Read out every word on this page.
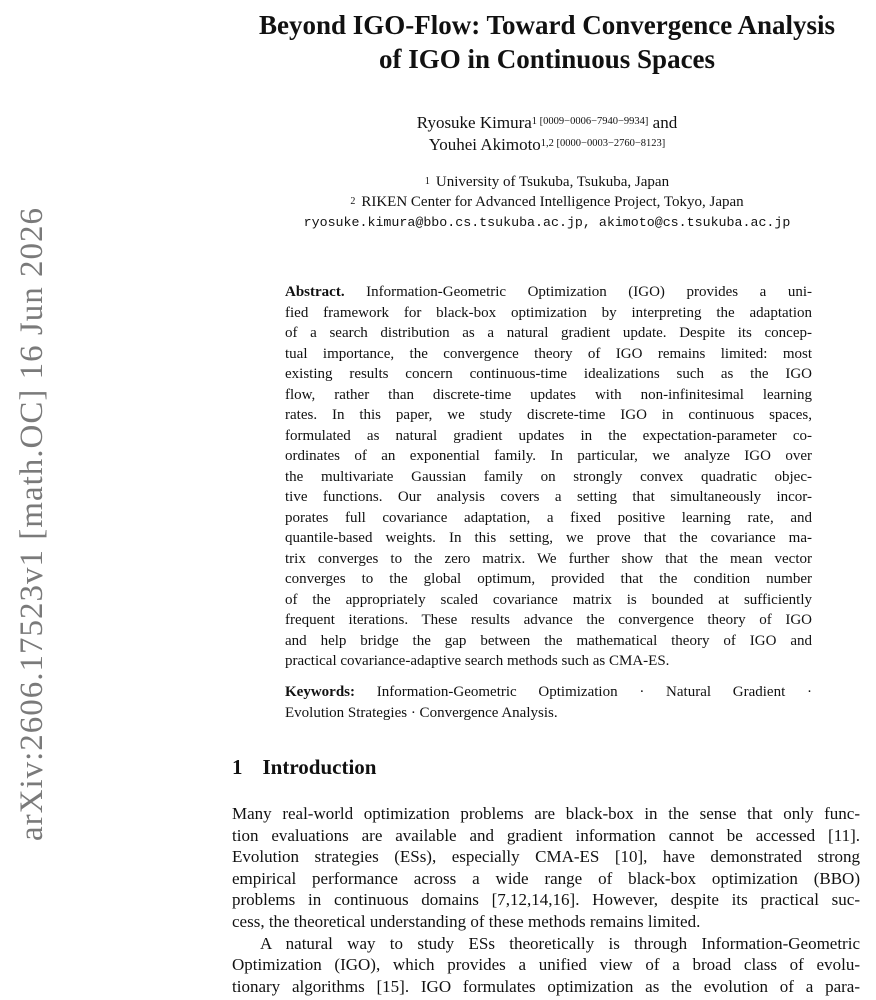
arXiv:2606.17523v1 [math.OC] 16 Jun 2026
Beyond IGO-Flow: Toward Convergence Analysis
of IGO in Continuous Spaces
Ryosuke Kimura$^{1 [0009-0006-7940-9934]}$ and
Youhei Akimoto$^{1,2 [0000-0003-2760-8123]}$
$^1$ University of Tsukuba, Tsukuba, Japan
$^2$ RIKEN Center for Advanced Intelligence Project, Tokyo, Japan
ryosuke.kimura@bbo.cs.tsukuba.ac.jp, akimoto@cs.tsukuba.ac.jp
Abstract. Information-Geometric Optimization (IGO) provides a uni-
fied framework for black-box optimization by interpreting the adaptation
of a search distribution as a natural gradient update. Despite its concep-
tual importance, the convergence theory of IGO remains limited: most
existing results concern continuous-time idealizations such as the IGO
flow, rather than discrete-time updates with non-infinitesimal learning
rates. In this paper, we study discrete-time IGO in continuous spaces,
formulated as natural gradient updates in the expectation-parameter co-
ordinates of an exponential family. In particular, we analyze IGO over
the multivariate Gaussian family on strongly convex quadratic objec-
tive functions. Our analysis covers a setting that simultaneously incor-
porates full covariance adaptation, a fixed positive learning rate, and
quantile-based weights. In this setting, we prove that the covariance ma-
trix converges to the zero matrix. We further show that the mean vector
converges to the global optimum, provided that the condition number
of the appropriately scaled covariance matrix is bounded at sufficiently
frequent iterations. These results advance the convergence theory of IGO
and help bridge the gap between the mathematical theory of IGO and
practical covariance-adaptive search methods such as CMA-ES.
Keywords: Information-Geometric Optimization · Natural Gradient ·
Evolution Strategies · Convergence Analysis.
1 Introduction
Many real-world optimization problems are black-box in the sense that only func-
tion evaluations are available and gradient information cannot be accessed [11].
Evolution strategies (ESs), especially CMA-ES [10], have demonstrated strong
empirical performance across a wide range of black-box optimization (BBO)
problems in continuous domains [7,12,14,16]. However, despite its practical suc-
cess, the theoretical understanding of these methods remains limited.
A natural way to study ESs theoretically is through Information-Geometric
Optimization (IGO), which provides a unified view of a broad class of evolu-
tionary algorithms [15]. IGO formulates optimization as the evolution of a para-
